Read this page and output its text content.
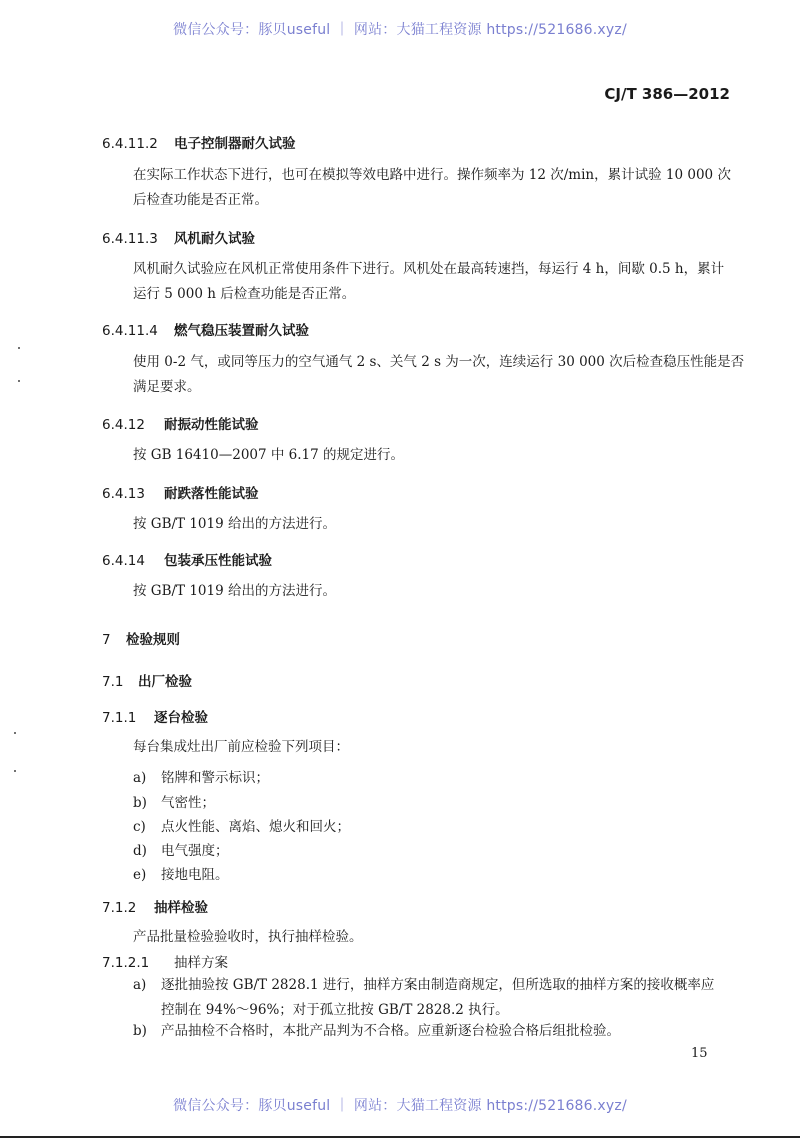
微信公众号：豚贝useful ｜ 网站：大猫工程资源 https://521686.xyz/
CJ/T 386—2012
6.4.11.2 电子控制器耐久试验
在实际工作状态下进行，也可在模拟等效电路中进行。操作频率为 12 次/min，累计试验 10 000 次
后检查功能是否正常。
6.4.11.3 风机耐久试验
风机耐久试验应在风机正常使用条件下进行。风机处在最高转速挡，每运行 4 h，间歇 0.5 h，累计
运行 5 000 h 后检查功能是否正常。
6.4.11.4 燃气稳压装置耐久试验
使用 0-2 气，或同等压力的空气通气 2 s、关气 2 s 为一次，连续运行 30 000 次后检查稳压性能是否
满足要求。
6.4.12 耐振动性能试验
按 GB 16410—2007 中 6.17 的规定进行。
6.4.13 耐跌落性能试验
按 GB/T 1019 给出的方法进行。
6.4.14 包装承压性能试验
按 GB/T 1019 给出的方法进行。
7 检验规则
7.1 出厂检验
7.1.1 逐台检验
每台集成灶出厂前应检验下列项目：
a) 铭牌和警示标识；
b) 气密性；
c) 点火性能、离焰、熄火和回火；
d) 电气强度；
e) 接地电阻。
7.1.2 抽样检验
产品批量检验验收时，执行抽样检验。
7.1.2.1 抽样方案
a) 逐批抽验按 GB/T 2828.1 进行，抽样方案由制造商规定，但所选取的抽样方案的接收概率应
控制在 94%～96%；对于孤立批按 GB/T 2828.2 执行。
b) 产品抽检不合格时，本批产品判为不合格。应重新逐台检验合格后组批检验。
15
微信公众号：豚贝useful ｜ 网站：大猫工程资源 https://521686.xyz/
